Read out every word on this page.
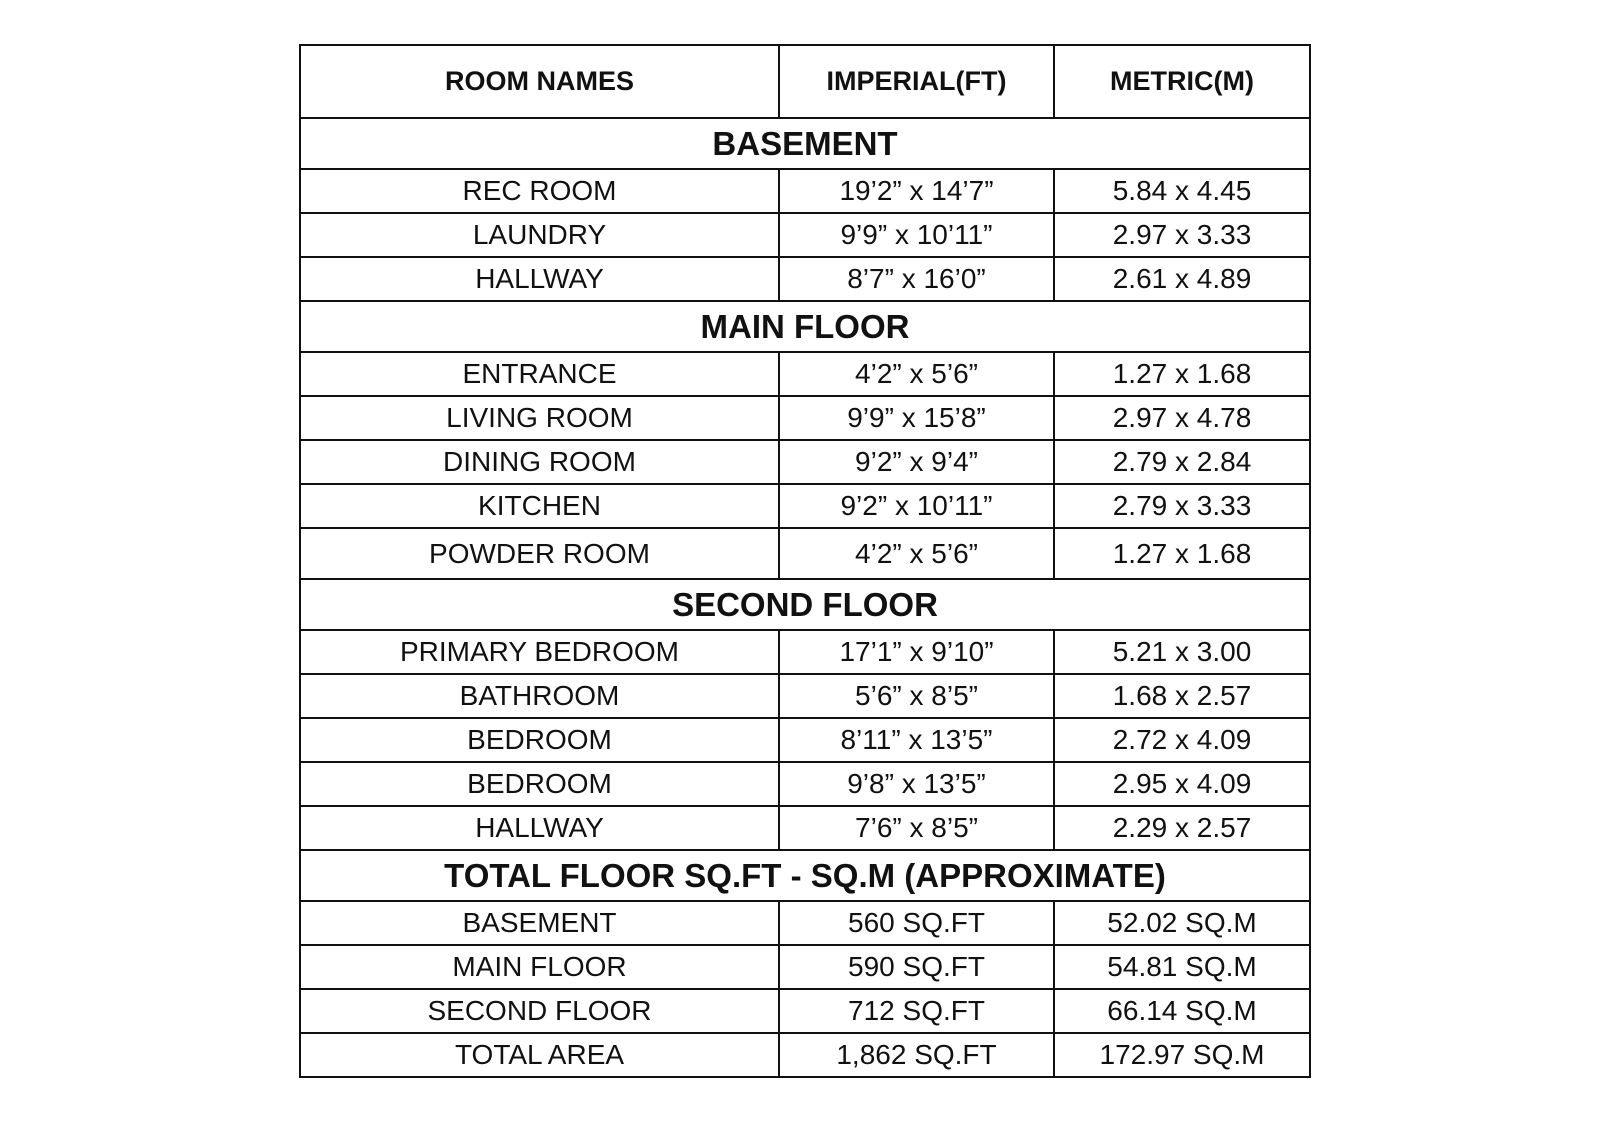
ROOM NAMES	IMPERIAL(FT)	METRIC(M)
BASEMENT		
REC ROOM	19’2” x 14’7”	5.84 x 4.45
LAUNDRY	9’9” x 10’11”	2.97 x 3.33
HALLWAY	8’7” x 16’0”	2.61 x 4.89
MAIN FLOOR		
ENTRANCE	4’2” x 5’6”	1.27 x 1.68
LIVING ROOM	9’9” x 15’8”	2.97 x 4.78
DINING ROOM	9’2” x 9’4”	2.79 x 2.84
KITCHEN	9’2” x 10’11”	2.79 x 3.33
POWDER ROOM	4’2” x 5’6”	1.27 x 1.68
SECOND FLOOR		
PRIMARY BEDROOM	17’1” x 9’10”	5.21 x 3.00
BATHROOM	5’6” x 8’5”	1.68 x 2.57
BEDROOM	8’11” x 13’5”	2.72 x 4.09
BEDROOM	9’8” x 13’5”	2.95 x 4.09
HALLWAY	7’6” x 8’5”	2.29 x 2.57
TOTAL FLOOR SQ.FT - SQ.M (APPROXIMATE)		
BASEMENT	560 SQ.FT	52.02 SQ.M
MAIN FLOOR	590 SQ.FT	54.81 SQ.M
SECOND FLOOR	712 SQ.FT	66.14 SQ.M
TOTAL AREA	1,862 SQ.FT	172.97 SQ.M
